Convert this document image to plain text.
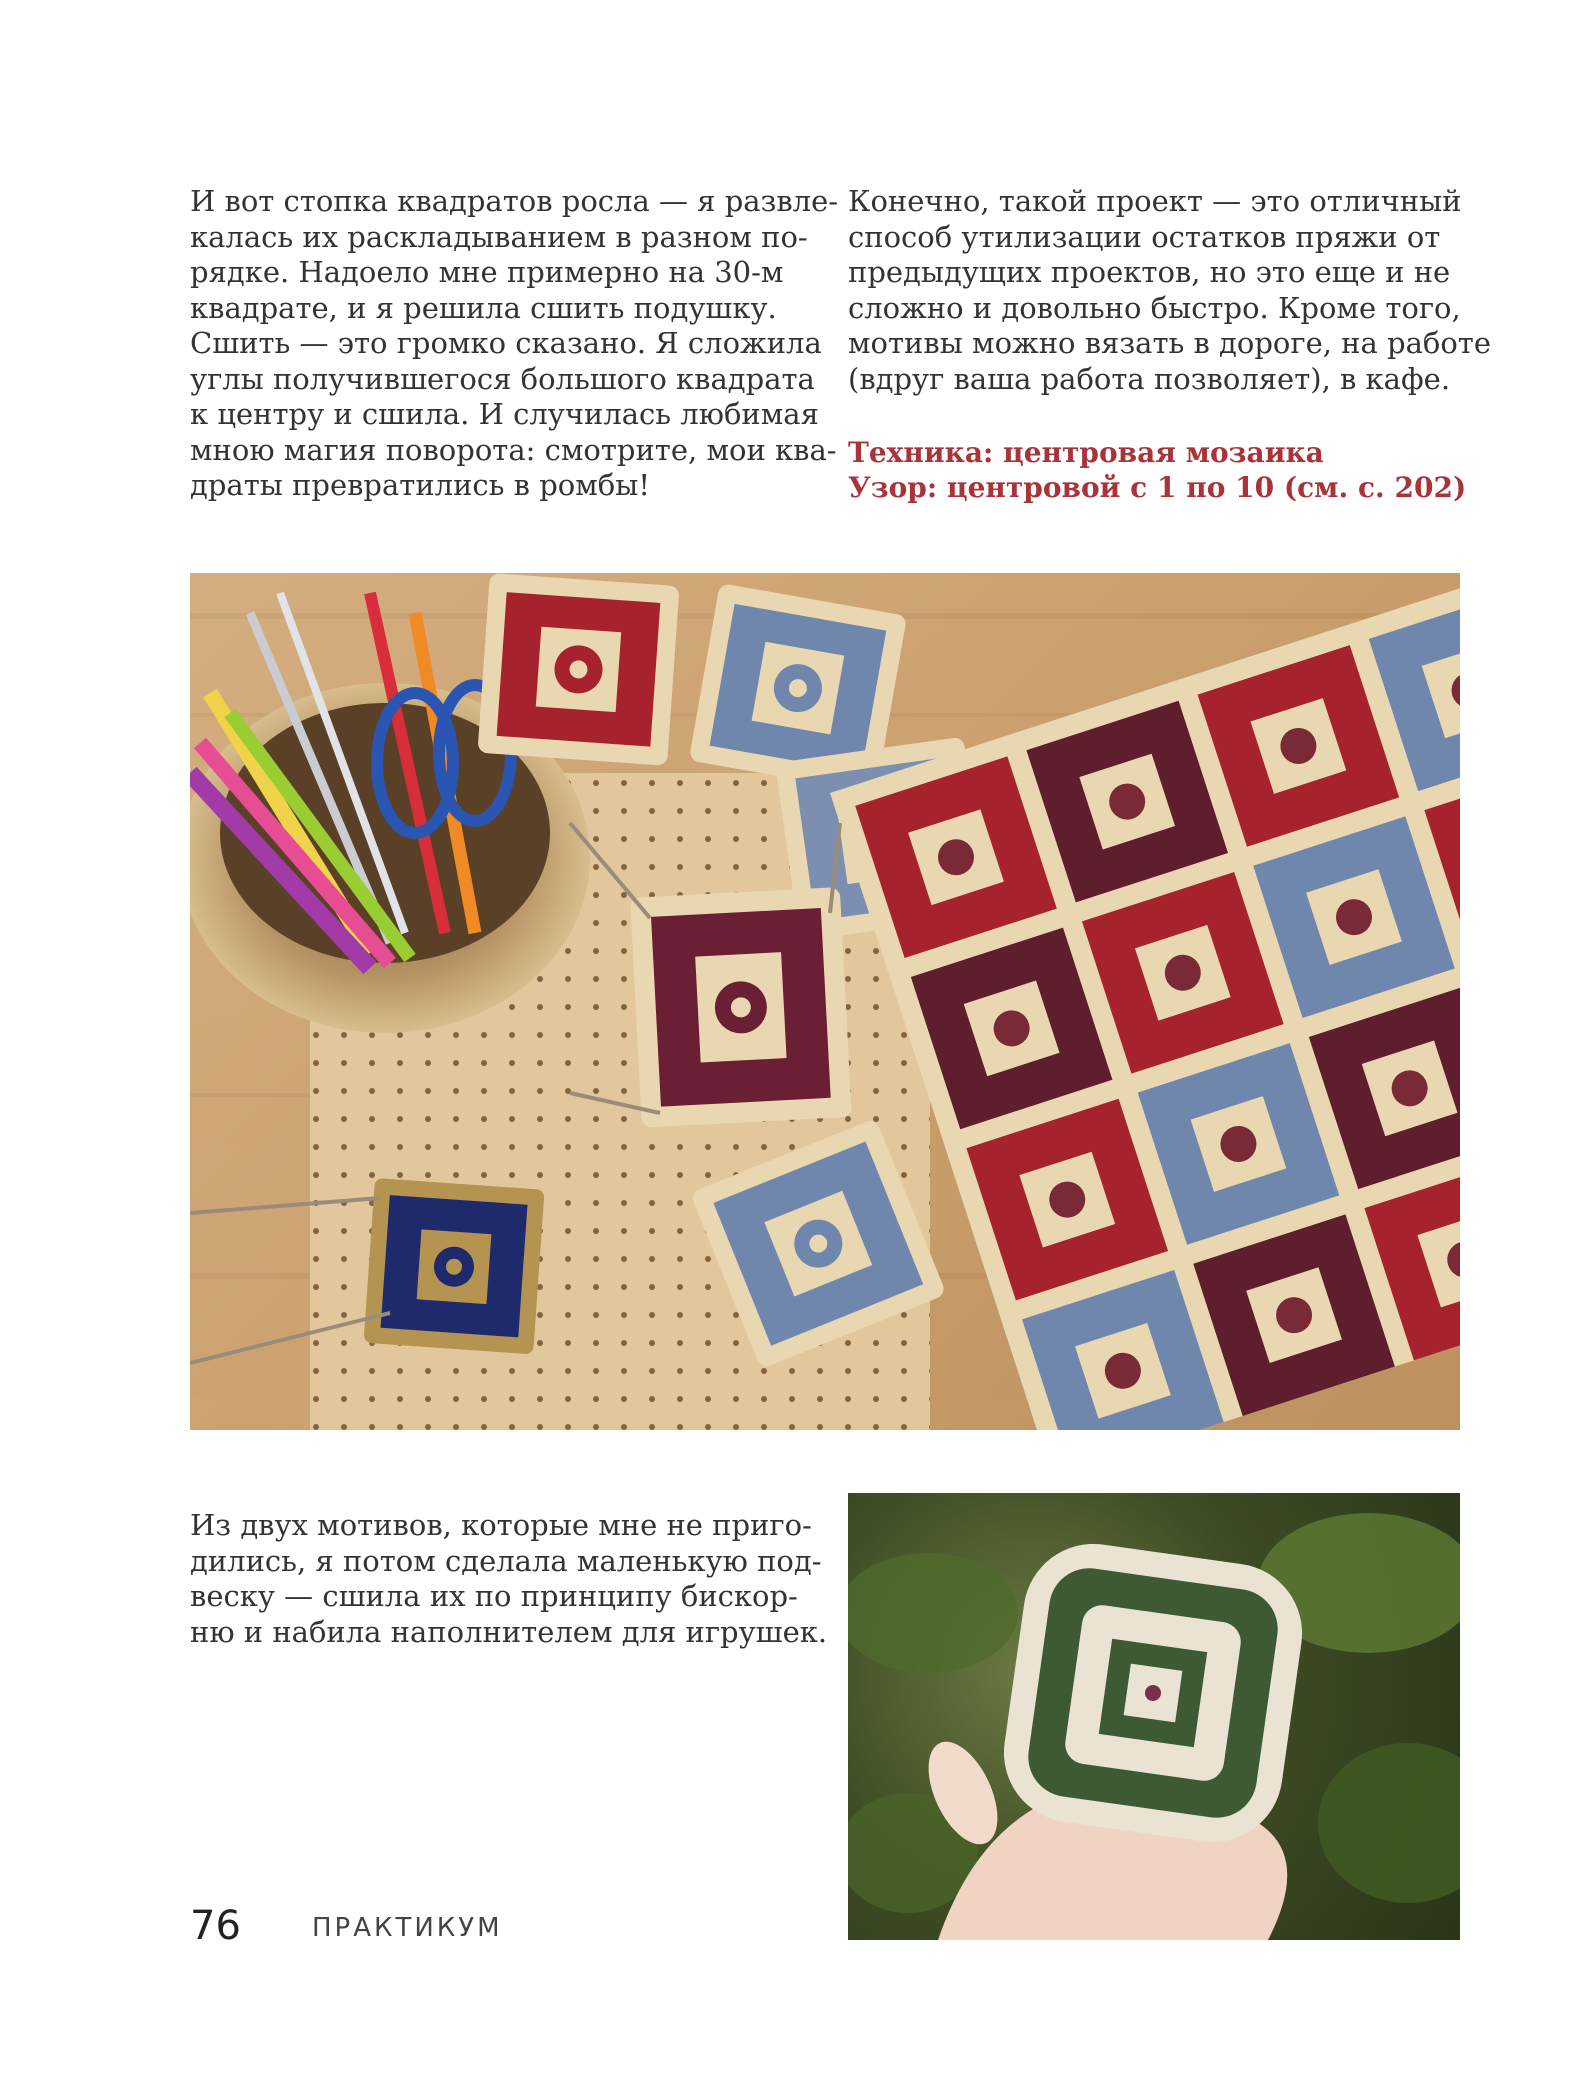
И вот стопка квадратов росла — я развле-
калась их раскладыванием в разном по-
рядке. Надоело мне примерно на 30-м
квадрате, и я решила сшить подушку.
Сшить — это громко сказано. Я сложила
углы получившегося большого квадрата
к центру и сшила. И случилась любимая
мною магия поворота: смотрите, мои ква-
драты превратились в ромбы!
Конечно, такой проект — это отличный
способ утилизации остатков пряжи от
предыдущих проектов, но это еще и не
сложно и довольно быстро. Кроме того,
мотивы можно вязать в дороге, на работе
(вдруг ваша работа позволяет), в кафе.
Техника: центровая мозаика
Узор: центровой с 1 по 10 (см. с. 202)
Из двух мотивов, которые мне не приго-
дились, я потом сделала маленькую под-
веску — сшила их по принципу бискор-
ню и набила наполнителем для игрушек.
76	ПРАКТИКУМ
